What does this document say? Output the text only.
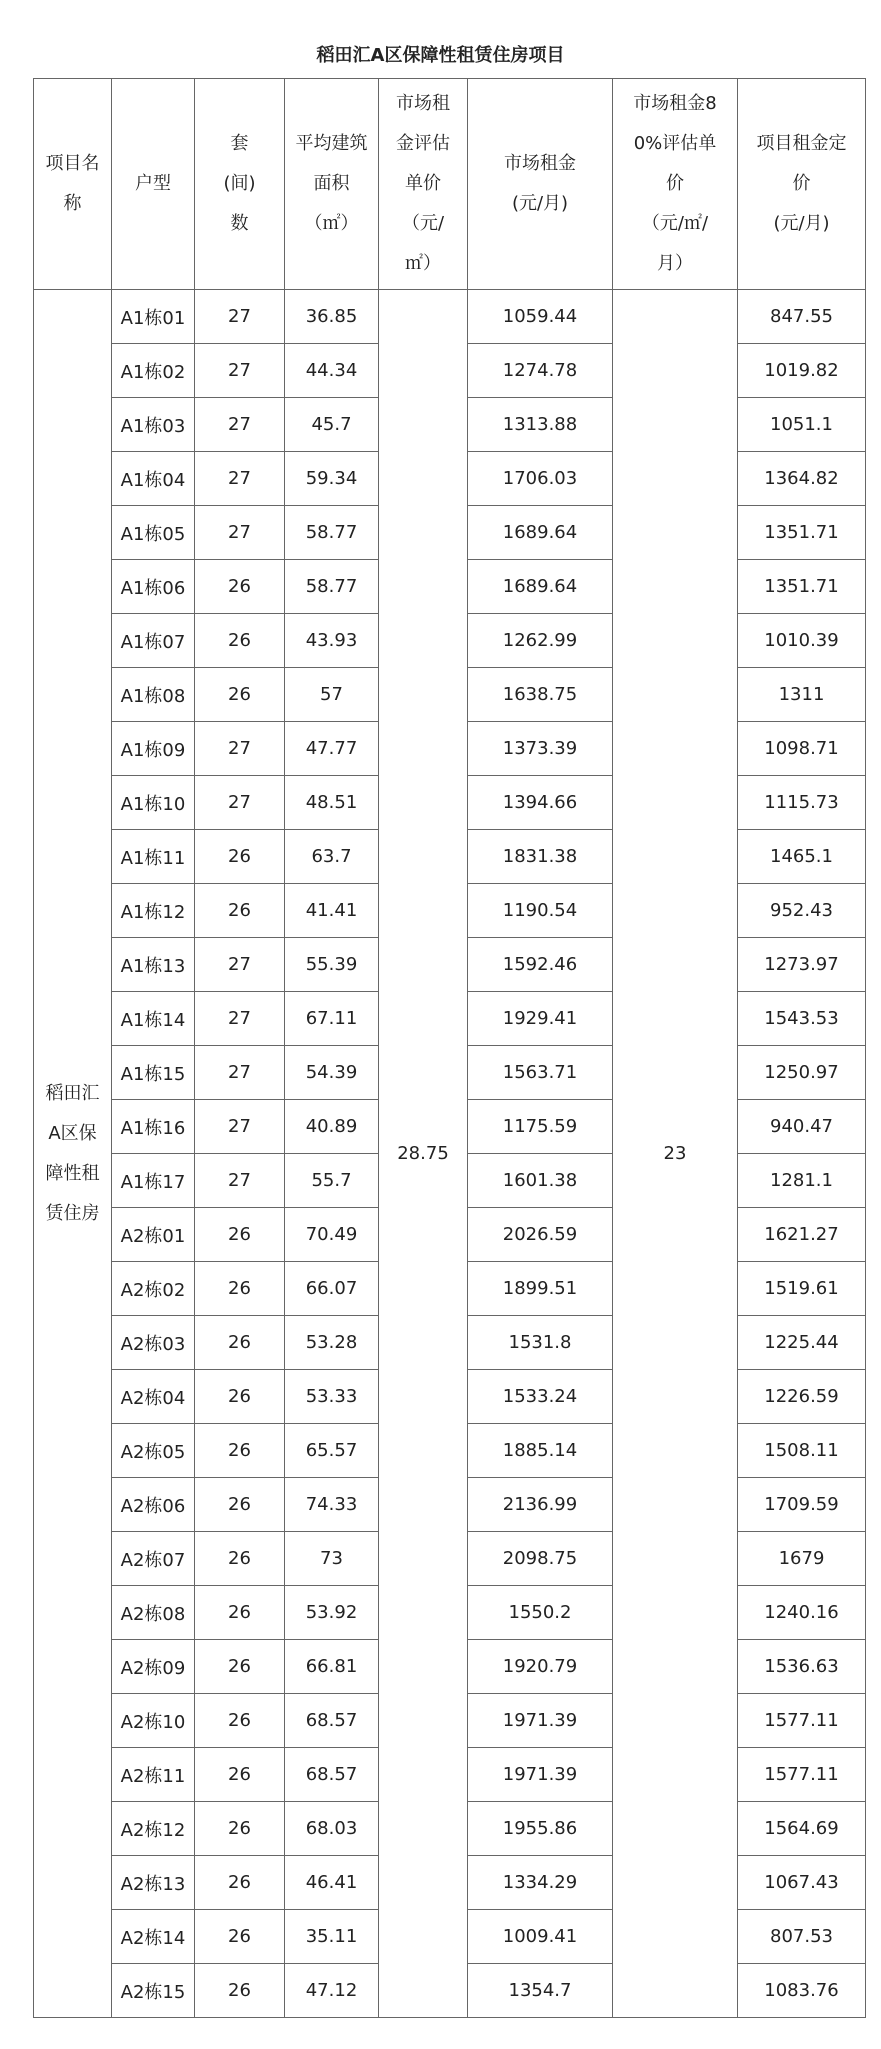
稻田汇A区保障性租赁住房项目
项目名
称	户型	套
(间)
数	平均建筑
面积
（㎡）	市场租
金评估
单价
（元/
㎡）	市场租金
(元/月)	市场租金8
0%评估单
价
（元/㎡/
月）	项目租金定
价
(元/月)

稻田汇
A区保
障性租
赁住房	A1栋01	27	36.85	28.75	1059.44	23	847.55
	A1栋02	27	44.34		1274.78		1019.82
	A1栋03	27	45.7		1313.88		1051.1
	A1栋04	27	59.34		1706.03		1364.82
	A1栋05	27	58.77		1689.64		1351.71
	A1栋06	26	58.77		1689.64		1351.71
	A1栋07	26	43.93		1262.99		1010.39
	A1栋08	26	57		1638.75		1311
	A1栋09	27	47.77		1373.39		1098.71
	A1栋10	27	48.51		1394.66		1115.73
	A1栋11	26	63.7		1831.38		1465.1
	A1栋12	26	41.41		1190.54		952.43
	A1栋13	27	55.39		1592.46		1273.97
	A1栋14	27	67.11		1929.41		1543.53
	A1栋15	27	54.39		1563.71		1250.97
	A1栋16	27	40.89		1175.59		940.47
	A1栋17	27	55.7		1601.38		1281.1
	A2栋01	26	70.49		2026.59		1621.27
	A2栋02	26	66.07		1899.51		1519.61
	A2栋03	26	53.28		1531.8		1225.44
	A2栋04	26	53.33		1533.24		1226.59
	A2栋05	26	65.57		1885.14		1508.11
	A2栋06	26	74.33		2136.99		1709.59
	A2栋07	26	73		2098.75		1679
	A2栋08	26	53.92		1550.2		1240.16
	A2栋09	26	66.81		1920.79		1536.63
	A2栋10	26	68.57		1971.39		1577.11
	A2栋11	26	68.57		1971.39		1577.11
	A2栋12	26	68.03		1955.86		1564.69
	A2栋13	26	46.41		1334.29		1067.43
	A2栋14	26	35.11		1009.41		807.53
	A2栋15	26	47.12		1354.7		1083.76
